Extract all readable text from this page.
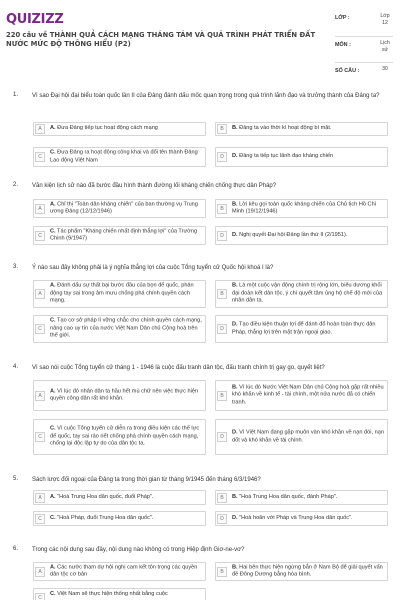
QUIZIZZ
220 câu về THÀNH QUẢ CÁCH MẠNG THÁNG TÁM VÀ QUÁ TRÌNH PHÁT TRIỂN ĐẤT NƯỚC MỨC ĐỘ THÔNG HIỂU (P2)
LỚP :	Lớp 12
MÔN :	Lịch sử
SỐ CÂU :	30
1. Vì sao Đại hội đại biểu toàn quốc lần II của Đảng đánh dấu mốc quan trọng trong quá trình lãnh đạo và trưởng thành của Đảng ta?
A	A. Đưa Đảng tiếp tục hoạt động cách mạng	B	B. Đảng ta vào thời kì hoạt động bí mật.
C
C. Đưa Đảng ra hoạt động công khai và đổi tên thành Đảng Lao động Việt Nam	D	D. Đảng ta tiếp tục lãnh đạo kháng chiến
2. Văn kiện lịch sử nào đã bước đầu hình thành đường lối kháng chiến chống thực dân Pháp?
A
A. Chỉ thị "Toàn dân kháng chiến" của ban thường vụ Trung ương Đảng (12/12/1946)	B
B. Lời kêu gọi toàn quốc kháng chiến của Chủ tịch Hồ Chí Minh (19/12/1946)
C
C. Tác phẩm "Kháng chiến nhất định thắng lợi" của Trường Chinh (9/1947)	D	D. Nghị quyết Đại hội Đảng lần thứ II (2/1951).
3. Ý nào sau đây không phải là ý nghĩa thắng lợi của cuộc Tổng tuyển cử Quốc hội khoá I là?
A
A. Đánh dấu sự thất bại bước đầu của bọn đế quốc, phản động tay sai trong âm mưu chống phá chính quyền cách mạng.
B
B. Là một cuộc vận động chính trị rộng lớn, biểu dương khối đại đoàn kết dân tộc, ý chí quyết tâm ủng hộ chế độ mới của nhân dân ta.
C
C. Tạo cơ sở pháp lí vững chắc cho chính quyền cách mạng, nâng cao uy tín của nước Việt Nam Dân chủ Cộng hoà trên thế giới.
D
D. Tạo điều kiện thuận lợi để đánh đổ hoàn toàn thực dân Pháp, thắng lợi trên mặt trận ngoại giao.
4. Vì sao nói cuộc Tổng tuyển cử tháng 1 - 1946 là cuộc đấu tranh dân tộc, đấu tranh chính trị gay go, quyết liệt?
A
A. Vì lúc đó nhân dân ta hầu hết mù chữ nên việc thực hiện quyền công dân rất khó khăn.	B
B. Vì lúc đó Nước Việt Nam Dân chủ Cộng hoà gặp rất nhiều khó khăn về kinh tế - tài chính, một nửa nước đã có chiến tranh.
C
C. Vì cuộc Tổng tuyển cử diễn ra trong điều kiện các thế lực đế quốc, tay sai ráo riết chống phá chính quyền cách mạng, chống lại độc lập tự do của dân tộc ta.
D
D. Vì Việt Nam đang gặp muôn vàn khó khăn về nạn đói, nạn dốt và khó khăn về tài chính.
5. Sách lược đối ngoại của Đảng ta trong thời gian từ tháng 9/1945 đến tháng 6/3/1946?
A	A. "Hoà Trung Hoa dân quốc, đuổi Pháp".	B	B. "Hoà Trung Hoa dân quốc, đánh Pháp".
C	C. "Hoà Pháp, đuổi Trung Hoa dân quốc".	D	D. "Hoà hoãn với Pháp và Trung Hoa dân quốc".
6. Trong các nội dung sau đây, nội dung nào không có trong Hiệp định Giơ-ne-vơ?
A
A. Các nước tham dự hội nghị cam kết tôn trọng các quyền dân tộc cơ bản	B
B. Hai bên thực hiện ngừng bắn ở Nam Bộ để giải quyết vấn đề Đông Dương bằng hòa bình.
C
C. Việt Nam sẽ thực hiện thống nhất bằng cuộc
